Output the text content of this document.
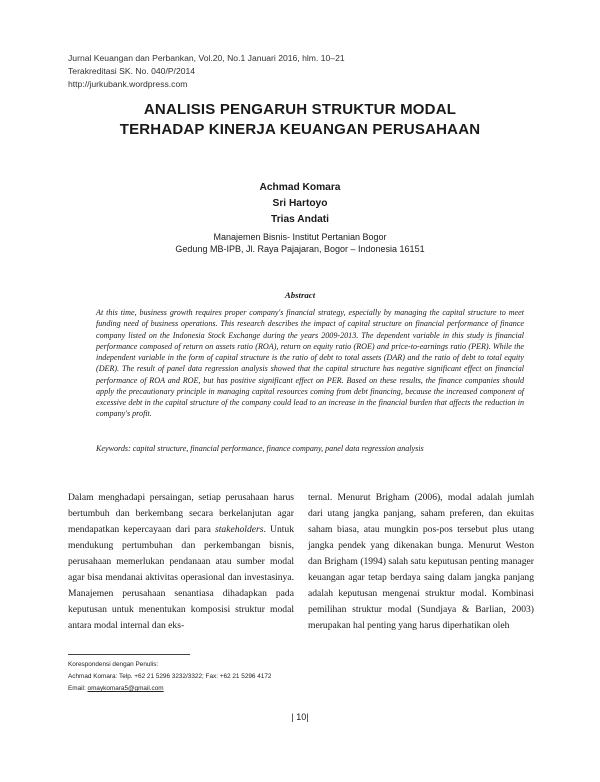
Jurnal Keuangan dan Perbankan, Vol.20, No.1 Januari 2016, hlm. 10–21
Terakreditasi SK. No. 040/P/2014
http://jurkubank.wordpress.com
ANALISIS PENGARUH STRUKTUR MODAL
TERHADAP KINERJA KEUANGAN PERUSAHAAN
Achmad Komara
Sri Hartoyo
Trias Andati
Manajemen Bisnis- Institut Pertanian Bogor
Gedung MB-IPB, Jl. Raya Pajajaran, Bogor – Indonesia 16151
Abstract

At this time, business growth requires proper company's financial strategy, especially by managing the capital structure to meet funding need of business operations. This research describes the impact of capital structure on financial performance of finance company listed on the Indonesia Stock Exchange during the years 2009-2013. The dependent variable in this study is financial performance composed of return on assets ratio (ROA), return on equity ratio (ROE) and price-to-earnings ratio (PER). While the independent variable in the form of capital structure is the ratio of debt to total assets (DAR) and the ratio of debt to total equity (DER). The result of panel data regression analysis showed that the capital structure has negative significant effect on financial performance of ROA and ROE, but has positive significant effect on PER. Based on these results, the finance companies should apply the precautionary principle in managing capital resources coming from debt financing, because the increased component of excessive debt in the capital structure of the company could lead to an increase in the financial burden that affects the reduction in company's profit.

Keywords: capital structure, financial performance, finance company, panel data regression analysis

Dalam menghadapi persaingan, setiap perusahaan harus bertumbuh dan berkembang secara berkelanjutan agar mendapatkan kepercayaan dari para stakeholders. Untuk mendukung pertumbuhan dan perkembangan bisnis, perusahaan memerlukan pendanaan atau sumber modal agar bisa mendanai aktivitas operasional dan investasinya. Manajemen perusahaan senantiasa dihadapkan pada keputusan untuk menentukan komposisi struktur modal antara modal internal dan eks-

ternal. Menurut Brigham (2006), modal adalah jumlah dari utang jangka panjang, saham preferen, dan ekuitas saham biasa, atau mungkin pos-pos tersebut plus utang jangka pendek yang dikenakan bunga. Menurut Weston dan Brigham (1994) salah satu keputusan penting manager keuangan agar tetap berdaya saing dalam jangka panjang adalah keputusan mengenai struktur modal. Kombinasi pemilihan struktur modal (Sundjaya & Barlian, 2003) merupakan hal penting yang harus diperhatikan oleh

Korespondensi dengan Penulis:
Achmad Komara: Telp. +62 21 5296 3232/3322; Fax: +62 21 5296 4172
Email: omaykomara5@gmail.com
| 10|
